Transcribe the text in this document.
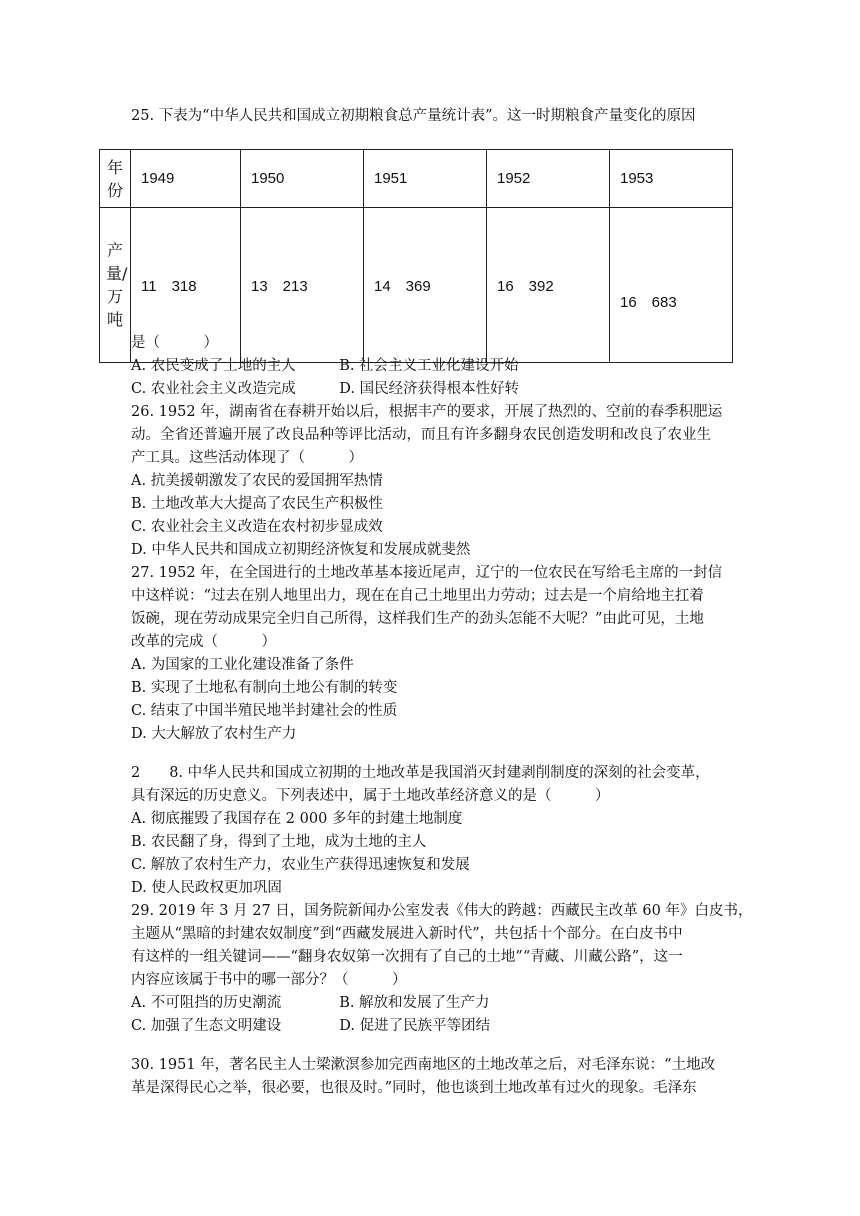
25. 下表为“中华人民共和国成立初期粮食总产量统计表”。这一时期粮食产量变化的原因
年份	1949	1950	1951	1952	1953
产量/万吨	11　318	13　213	14　369	16　392	16　683
是（　　　）
A. 农民变成了土地的主人　　　B. 社会主义工业化建设开始
C. 农业社会主义改造完成　　　D. 国民经济获得根本性好转
26. 1952 年，湖南省在春耕开始以后，根据丰产的要求，开展了热烈的、空前的春季积肥运
动。全省还普遍开展了改良品种等评比活动，而且有许多翻身农民创造发明和改良了农业生
产工具。这些活动体现了（　　　）
A. 抗美援朝激发了农民的爱国拥军热情
B. 土地改革大大提高了农民生产积极性
C. 农业社会主义改造在农村初步显成效
D. 中华人民共和国成立初期经济恢复和发展成就斐然
27. 1952 年，在全国进行的土地改革基本接近尾声，辽宁的一位农民在写给毛主席的一封信
中这样说：“过去在别人地里出力，现在在自己土地里出力劳动；过去是一个肩给地主扛着
饭碗，现在劳动成果完全归自己所得，这样我们生产的劲头怎能不大呢？”由此可见，土地
改革的完成（　　　）
A. 为国家的工业化建设准备了条件
B. 实现了土地私有制向土地公有制的转变
C. 结束了中国半殖民地半封建社会的性质
D. 大大解放了农村生产力
2　　8. 中华人民共和国成立初期的土地改革是我国消灭封建剥削制度的深刻的社会变革，
具有深远的历史意义。下列表述中，属于土地改革经济意义的是（　　　）
A. 彻底摧毁了我国存在 2 000 多年的封建土地制度
B. 农民翻了身，得到了土地，成为土地的主人
C. 解放了农村生产力，农业生产获得迅速恢复和发展
D. 使人民政权更加巩固
29. 2019 年 3 月 27 日，国务院新闻办公室发表《伟大的跨越：西藏民主改革 60 年》白皮书，
主题从“黑暗的封建农奴制度”到“西藏发展进入新时代”，共包括十个部分。在白皮书中
有这样的一组关键词——“翻身农奴第一次拥有了自己的土地”“青藏、川藏公路”，这一
内容应该属于书中的哪一部分？（　　　）
A. 不可阻挡的历史潮流　　　　B. 解放和发展了生产力
C. 加强了生态文明建设　　　　D. 促进了民族平等团结
30. 1951 年，著名民主人士梁漱溟参加完西南地区的土地改革之后，对毛泽东说：“土地改
革是深得民心之举，很必要，也很及时。”同时，他也谈到土地改革有过火的现象。毛泽东
